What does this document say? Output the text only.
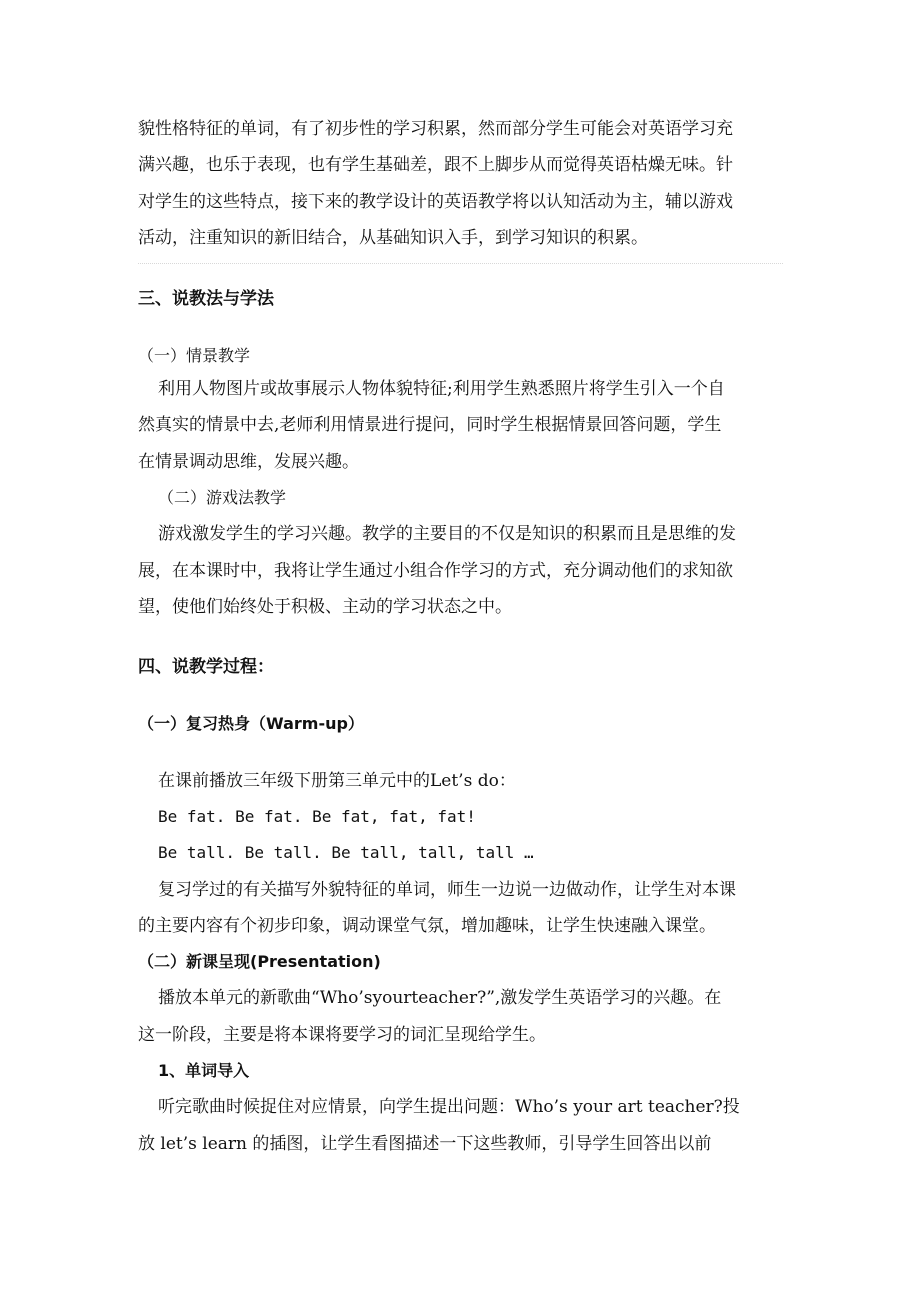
貌性格特征的单词，有了初步性的学习积累，然而部分学生可能会对英语学习充
满兴趣，也乐于表现，也有学生基础差，跟不上脚步从而觉得英语枯燥无味。针
对学生的这些特点，接下来的教学设计的英语教学将以认知活动为主，辅以游戏
活动，注重知识的新旧结合，从基础知识入手，到学习知识的积累。
三、说教法与学法
（一）情景教学
利用人物图片或故事展示人物体貌特征;利用学生熟悉照片将学生引入一个自
然真实的情景中去,老师利用情景进行提问，同时学生根据情景回答问题，学生
在情景调动思维，发展兴趣。
（二）游戏法教学
游戏激发学生的学习兴趣。教学的主要目的不仅是知识的积累而且是思维的发
展，在本课时中，我将让学生通过小组合作学习的方式，充分调动他们的求知欲
望，使他们始终处于积极、主动的学习状态之中。
四、说教学过程：
（一）复习热身（Warm-up）
在课前播放三年级下册第三单元中的Let’s do：
Be fat. Be fat. Be fat, fat, fat!
Be tall. Be tall. Be tall, tall, tall …
复习学过的有关描写外貌特征的单词，师生一边说一边做动作，让学生对本课
的主要内容有个初步印象，调动课堂气氛，增加趣味，让学生快速融入课堂。
（二）新课呈现(Presentation)
播放本单元的新歌曲“Who’syourteacher?”,激发学生英语学习的兴趣。在
这一阶段，主要是将本课将要学习的词汇呈现给学生。
1、单词导入
听完歌曲时候捉住对应情景，向学生提出问题：Who’s your art teacher?投
放 let’s learn 的插图，让学生看图描述一下这些教师，引导学生回答出以前
